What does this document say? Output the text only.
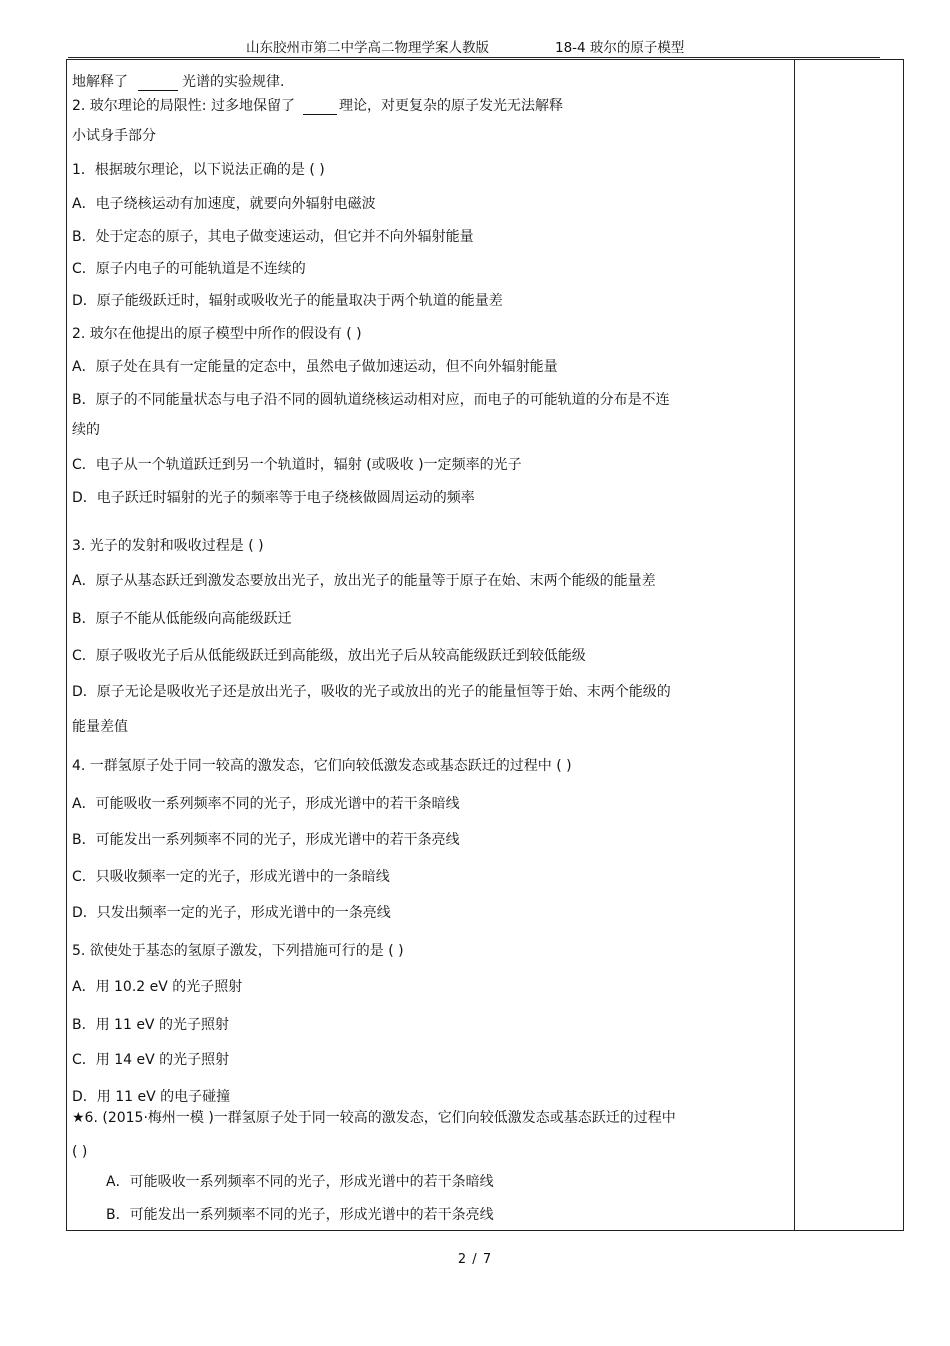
山东胶州市第二中学高二物理学案人教版	18-4 玻尔的原子模型
地解释了	光谱的实验规律.
2. 玻尔理论的局限性: 过多地保留了	理论，对更复杂的原子发光无法解释
小试身手部分
1．根据玻尔理论，以下说法正确的是 ( )
A．电子绕核运动有加速度，就要向外辐射电磁波
B．处于定态的原子，其电子做变速运动，但它并不向外辐射能量
C．原子内电子的可能轨道是不连续的
D．原子能级跃迁时，辐射或吸收光子的能量取决于两个轨道的能量差
2. 玻尔在他提出的原子模型中所作的假设有 ( )
A．原子处在具有一定能量的定态中，虽然电子做加速运动，但不向外辐射能量
B．原子的不同能量状态与电子沿不同的圆轨道绕核运动相对应，而电子的可能轨道的分布是不连
续的
C．电子从一个轨道跃迁到另一个轨道时，辐射 (或吸收 )一定频率的光子
D．电子跃迁时辐射的光子的频率等于电子绕核做圆周运动的频率
3. 光子的发射和吸收过程是 ( )
A．原子从基态跃迁到激发态要放出光子，放出光子的能量等于原子在始、末两个能级的能量差
B．原子不能从低能级向高能级跃迁
C．原子吸收光子后从低能级跃迁到高能级，放出光子后从较高能级跃迁到较低能级
D．原子无论是吸收光子还是放出光子，吸收的光子或放出的光子的能量恒等于始、末两个能级的
能量差值
4. 一群氢原子处于同一较高的激发态，它们向较低激发态或基态跃迁的过程中 ( )
A．可能吸收一系列频率不同的光子，形成光谱中的若干条暗线
B．可能发出一系列频率不同的光子，形成光谱中的若干条亮线
C．只吸收频率一定的光子，形成光谱中的一条暗线
D．只发出频率一定的光子，形成光谱中的一条亮线
5. 欲使处于基态的氢原子激发，下列措施可行的是 ( )
A．用 10.2 eV 的光子照射
B．用 11 eV 的光子照射
C．用 14 eV 的光子照射
D．用 11 eV 的电子碰撞
★6. (2015·梅州一模 )一群氢原子处于同一较高的激发态，它们向较低激发态或基态跃迁的过程中
( )
A．可能吸收一系列频率不同的光子，形成光谱中的若干条暗线
B．可能发出一系列频率不同的光子，形成光谱中的若干条亮线
2 / 7
